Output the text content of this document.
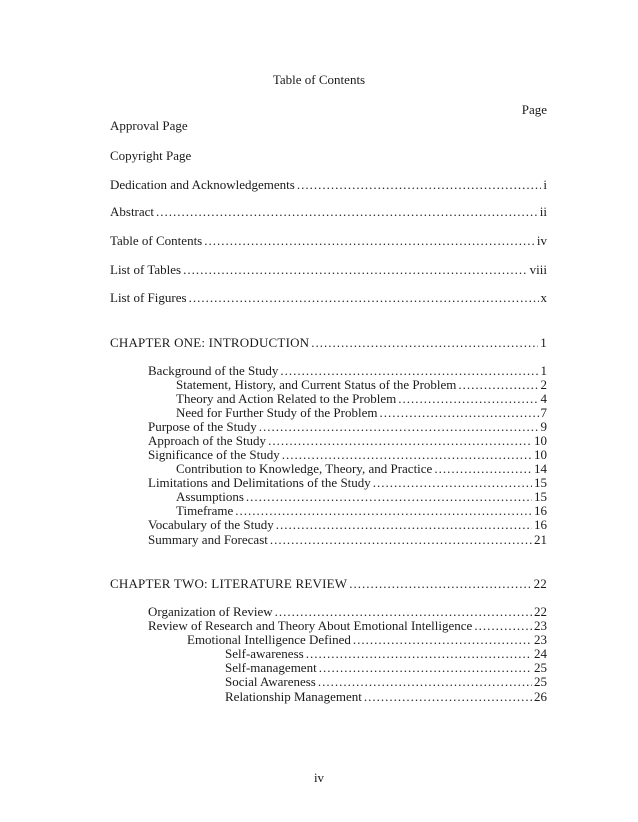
Table of Contents
Page
Approval Page
Copyright Page
Dedication and Acknowledgements .....	i
Abstract .....	ii
Table of Contents .....	iv
List of Tables .....	viii
List of Figures .....	x
CHAPTER ONE: INTRODUCTION .....	1
Background of the Study .....	1
Statement, History, and Current Status of the Problem .....	2
Theory and Action Related to the Problem .....	4
Need for Further Study of the Problem .....	7
Purpose of the Study .....	9
Approach of the Study .....	10
Significance of the Study .....	10
Contribution to Knowledge, Theory, and Practice .....	14
Limitations and Delimitations of the Study .....	15
Assumptions .....	15
Timeframe .....	16
Vocabulary of the Study .....	16
Summary and Forecast .....	21
CHAPTER TWO: LITERATURE REVIEW .....	22
Organization of Review .....	22
Review of Research and Theory About Emotional Intelligence .....	23
Emotional Intelligence Defined .....	23
Self-awareness .....	24
Self-management .....	25
Social Awareness .....	25
Relationship Management .....	26
iv
